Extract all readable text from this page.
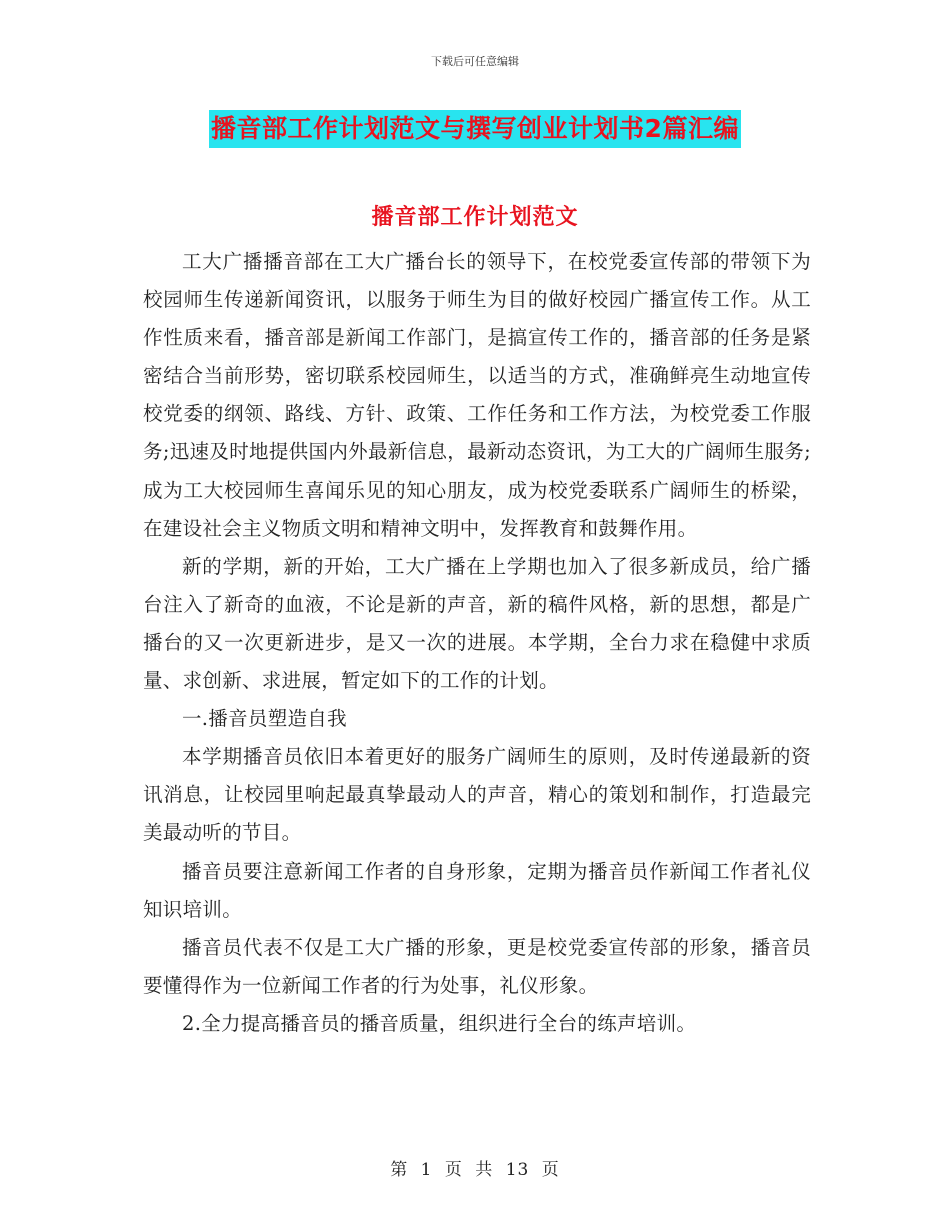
下载后可任意编辑
播音部工作计划范文与撰写创业计划书2篇汇编
播音部工作计划范文

工大广播播音部在工大广播台长的领导下，在校党委宣传部的带领下为校园师生传递新闻资讯，以服务于师生为目的做好校园广播宣传工作。从工作性质来看，播音部是新闻工作部门，是搞宣传工作的，播音部的任务是紧密结合当前形势，密切联系校园师生，以适当的方式，准确鲜亮生动地宣传校党委的纲领、路线、方针、政策、工作任务和工作方法，为校党委工作服务;迅速及时地提供国内外最新信息，最新动态资讯，为工大的广阔师生服务;成为工大校园师生喜闻乐见的知心朋友，成为校党委联系广阔师生的桥梁，在建设社会主义物质文明和精神文明中，发挥教育和鼓舞作用。

新的学期，新的开始，工大广播在上学期也加入了很多新成员，给广播台注入了新奇的血液，不论是新的声音，新的稿件风格，新的思想，都是广播台的又一次更新进步，是又一次的进展。本学期，全台力求在稳健中求质量、求创新、求进展，暂定如下的工作的计划。

一.播音员塑造自我

本学期播音员依旧本着更好的服务广阔师生的原则，及时传递最新的资讯消息，让校园里响起最真挚最动人的声音，精心的策划和制作，打造最完美最动听的节目。

播音员要注意新闻工作者的自身形象，定期为播音员作新闻工作者礼仪知识培训。

播音员代表不仅是工大广播的形象，更是校党委宣传部的形象，播音员要懂得作为一位新闻工作者的行为处事，礼仪形象。

2.全力提高播音员的播音质量，组织进行全台的练声培训。

第 1 页 共 13 页
